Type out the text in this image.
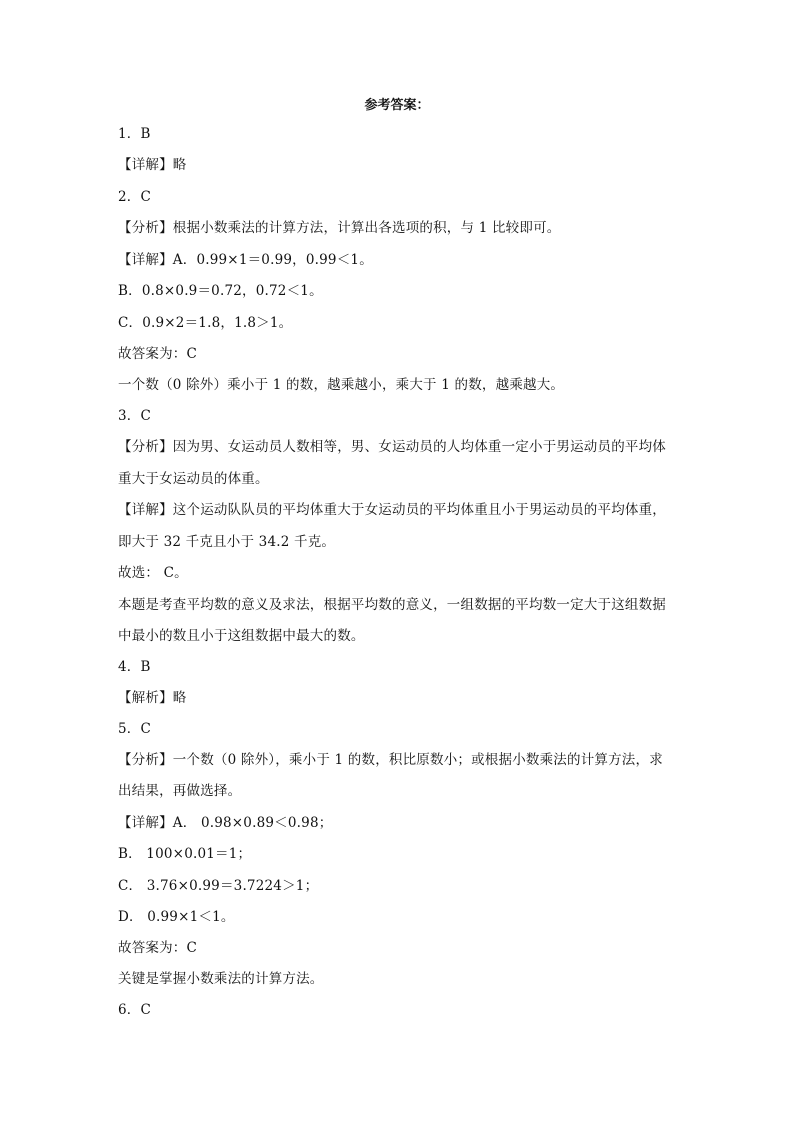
参考答案：
1．B
【详解】略
2．C
【分析】根据小数乘法的计算方法，计算出各选项的积，与 1 比较即可。
【详解】A．0.99×1＝0.99，0.99＜1。
B．0.8×0.9＝0.72，0.72＜1。
C．0.9×2＝1.8，1.8＞1。
故答案为：C
一个数（0 除外）乘小于 1 的数，越乘越小，乘大于 1 的数，越乘越大。
3．C
【分析】因为男、女运动员人数相等，男、女运动员的人均体重一定小于男运动员的平均体
重大于女运动员的体重。
【详解】这个运动队队员的平均体重大于女运动员的平均体重且小于男运动员的平均体重，
即大于 32 千克且小于 34.2 千克。
故选： C。
本题是考查平均数的意义及求法，根据平均数的意义，一组数据的平均数一定大于这组数据
中最小的数且小于这组数据中最大的数。
4．B
【解析】略
5．C
【分析】一个数（0 除外），乘小于 1 的数，积比原数小；或根据小数乘法的计算方法，求
出结果，再做选择。
【详解】A． 0.98×0.89＜0.98；
B． 100×0.01＝1；
C． 3.76×0.99＝3.7224＞1；
D． 0.99×1＜1。
故答案为：C
关键是掌握小数乘法的计算方法。
6．C
